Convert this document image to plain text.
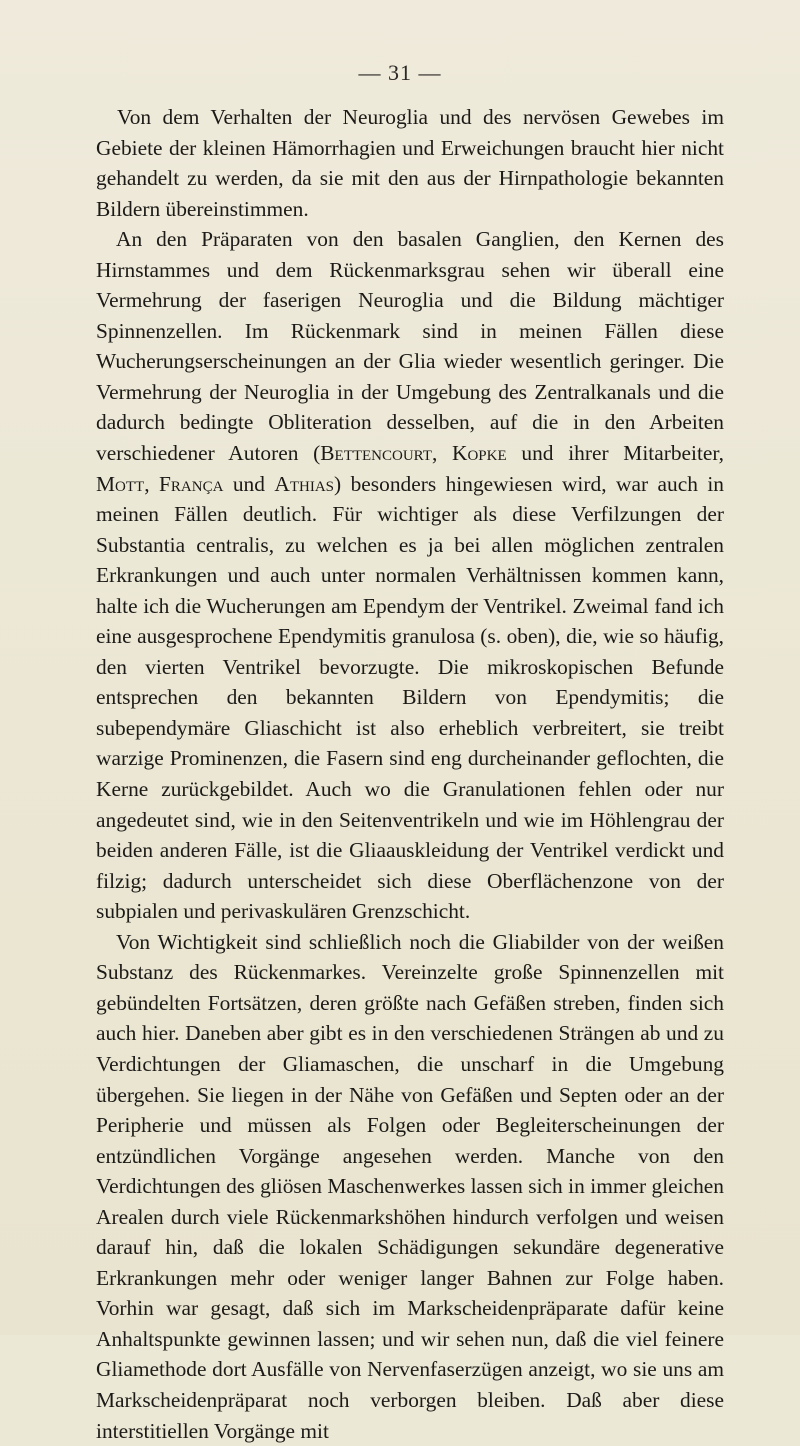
— 31 —

Von dem Verhalten der Neuroglia und des nervösen Gewebes im Gebiete der kleinen Hämorrhagien und Erweichungen braucht hier nicht gehandelt zu werden, da sie mit den aus der Hirnpathologie bekannten Bildern übereinstimmen.

An den Präparaten von den basalen Ganglien, den Kernen des Hirnstammes und dem Rückenmarksgrau sehen wir überall eine Vermehrung der faserigen Neuroglia und die Bildung mächtiger Spinnenzellen. Im Rückenmark sind in meinen Fällen diese Wucherungserscheinungen an der Glia wieder wesentlich geringer. Die Vermehrung der Neuroglia in der Umgebung des Zentralkanals und die dadurch bedingte Obliteration desselben, auf die in den Arbeiten verschiedener Autoren (Bettencourt, Kopke und ihrer Mitarbeiter, Mott, França und Athias) besonders hingewiesen wird, war auch in meinen Fällen deutlich. Für wichtiger als diese Verfilzungen der Substantia centralis, zu welchen es ja bei allen möglichen zentralen Erkrankungen und auch unter normalen Verhältnissen kommen kann, halte ich die Wucherungen am Ependym der Ventrikel. Zweimal fand ich eine ausgesprochene Ependymitis granulosa (s. oben), die, wie so häufig, den vierten Ventrikel bevorzugte. Die mikroskopischen Befunde entsprechen den bekannten Bildern von Ependymitis; die subependymäre Gliaschicht ist also erheblich verbreitert, sie treibt warzige Prominenzen, die Fasern sind eng durcheinander geflochten, die Kerne zurückgebildet. Auch wo die Granulationen fehlen oder nur angedeutet sind, wie in den Seitenventrikeln und wie im Höhlengrau der beiden anderen Fälle, ist die Gliaauskleidung der Ventrikel verdickt und filzig; dadurch unterscheidet sich diese Oberflächenzone von der subpialen und perivaskulären Grenzschicht.

Von Wichtigkeit sind schließlich noch die Gliabilder von der weißen Substanz des Rückenmarkes. Vereinzelte große Spinnenzellen mit gebündelten Fortsätzen, deren größte nach Gefäßen streben, finden sich auch hier. Daneben aber gibt es in den verschiedenen Strängen ab und zu Verdichtungen der Gliamaschen, die unscharf in die Umgebung übergehen. Sie liegen in der Nähe von Gefäßen und Septen oder an der Peripherie und müssen als Folgen oder Begleiterscheinungen der entzündlichen Vorgänge angesehen werden. Manche von den Verdichtungen des gliösen Maschenwerkes lassen sich in immer gleichen Arealen durch viele Rückenmarkshöhen hindurch verfolgen und weisen darauf hin, daß die lokalen Schädigungen sekundäre degenerative Erkrankungen mehr oder weniger langer Bahnen zur Folge haben. Vorhin war gesagt, daß sich im Markscheidenpräparate dafür keine Anhaltspunkte gewinnen lassen; und wir sehen nun, daß die viel feinere Gliamethode dort Ausfälle von Nervenfaserzügen anzeigt, wo sie uns am Markscheidenpräparat noch verborgen bleiben. Daß aber diese interstitiellen Vorgänge mit
